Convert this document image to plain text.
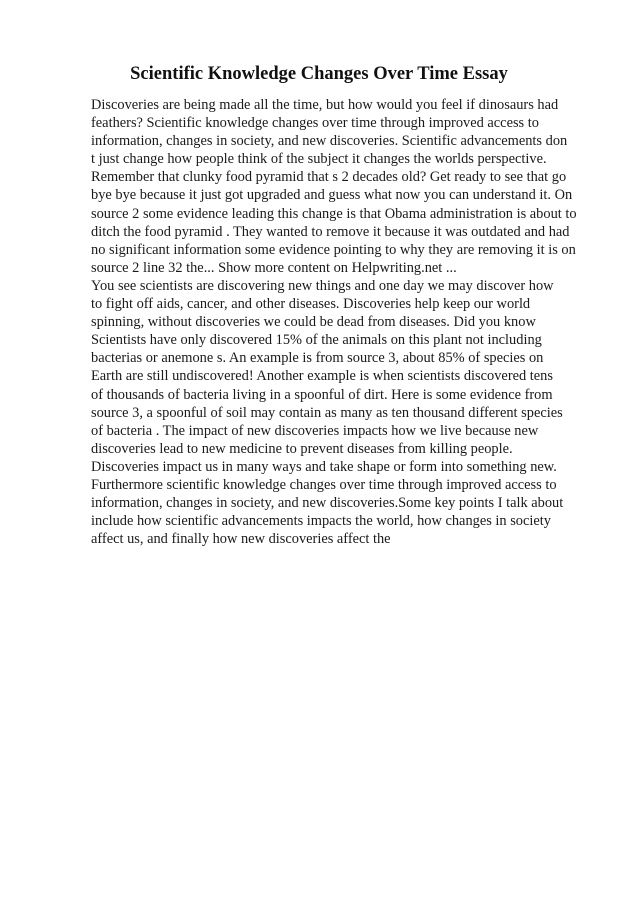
Scientific Knowledge Changes Over Time Essay
Discoveries are being made all the time, but how would you feel if dinosaurs had
feathers? Scientific knowledge changes over time through improved access to
information, changes in society, and new discoveries. Scientific advancements don
t just change how people think of the subject it changes the worlds perspective.
Remember that clunky food pyramid that s 2 decades old? Get ready to see that go
bye bye because it just got upgraded and guess what now you can understand it. On
source 2 some evidence leading this change is that Obama administration is about to
ditch the food pyramid . They wanted to remove it because it was outdated and had
no significant information some evidence pointing to why they are removing it is on
source 2 line 32 the... Show more content on Helpwriting.net ...
You see scientists are discovering new things and one day we may discover how
to fight off aids, cancer, and other diseases. Discoveries help keep our world
spinning, without discoveries we could be dead from diseases. Did you know
Scientists have only discovered 15% of the animals on this plant not including
bacterias or anemone s. An example is from source 3, about 85% of species on
Earth are still undiscovered! Another example is when scientists discovered tens
of thousands of bacteria living in a spoonful of dirt. Here is some evidence from
source 3, a spoonful of soil may contain as many as ten thousand different species
of bacteria . The impact of new discoveries impacts how we live because new
discoveries lead to new medicine to prevent diseases from killing people.
Discoveries impact us in many ways and take shape or form into something new.
Furthermore scientific knowledge changes over time through improved access to
information, changes in society, and new discoveries.Some key points I talk about
include how scientific advancements impacts the world, how changes in society
affect us, and finally how new discoveries affect the
